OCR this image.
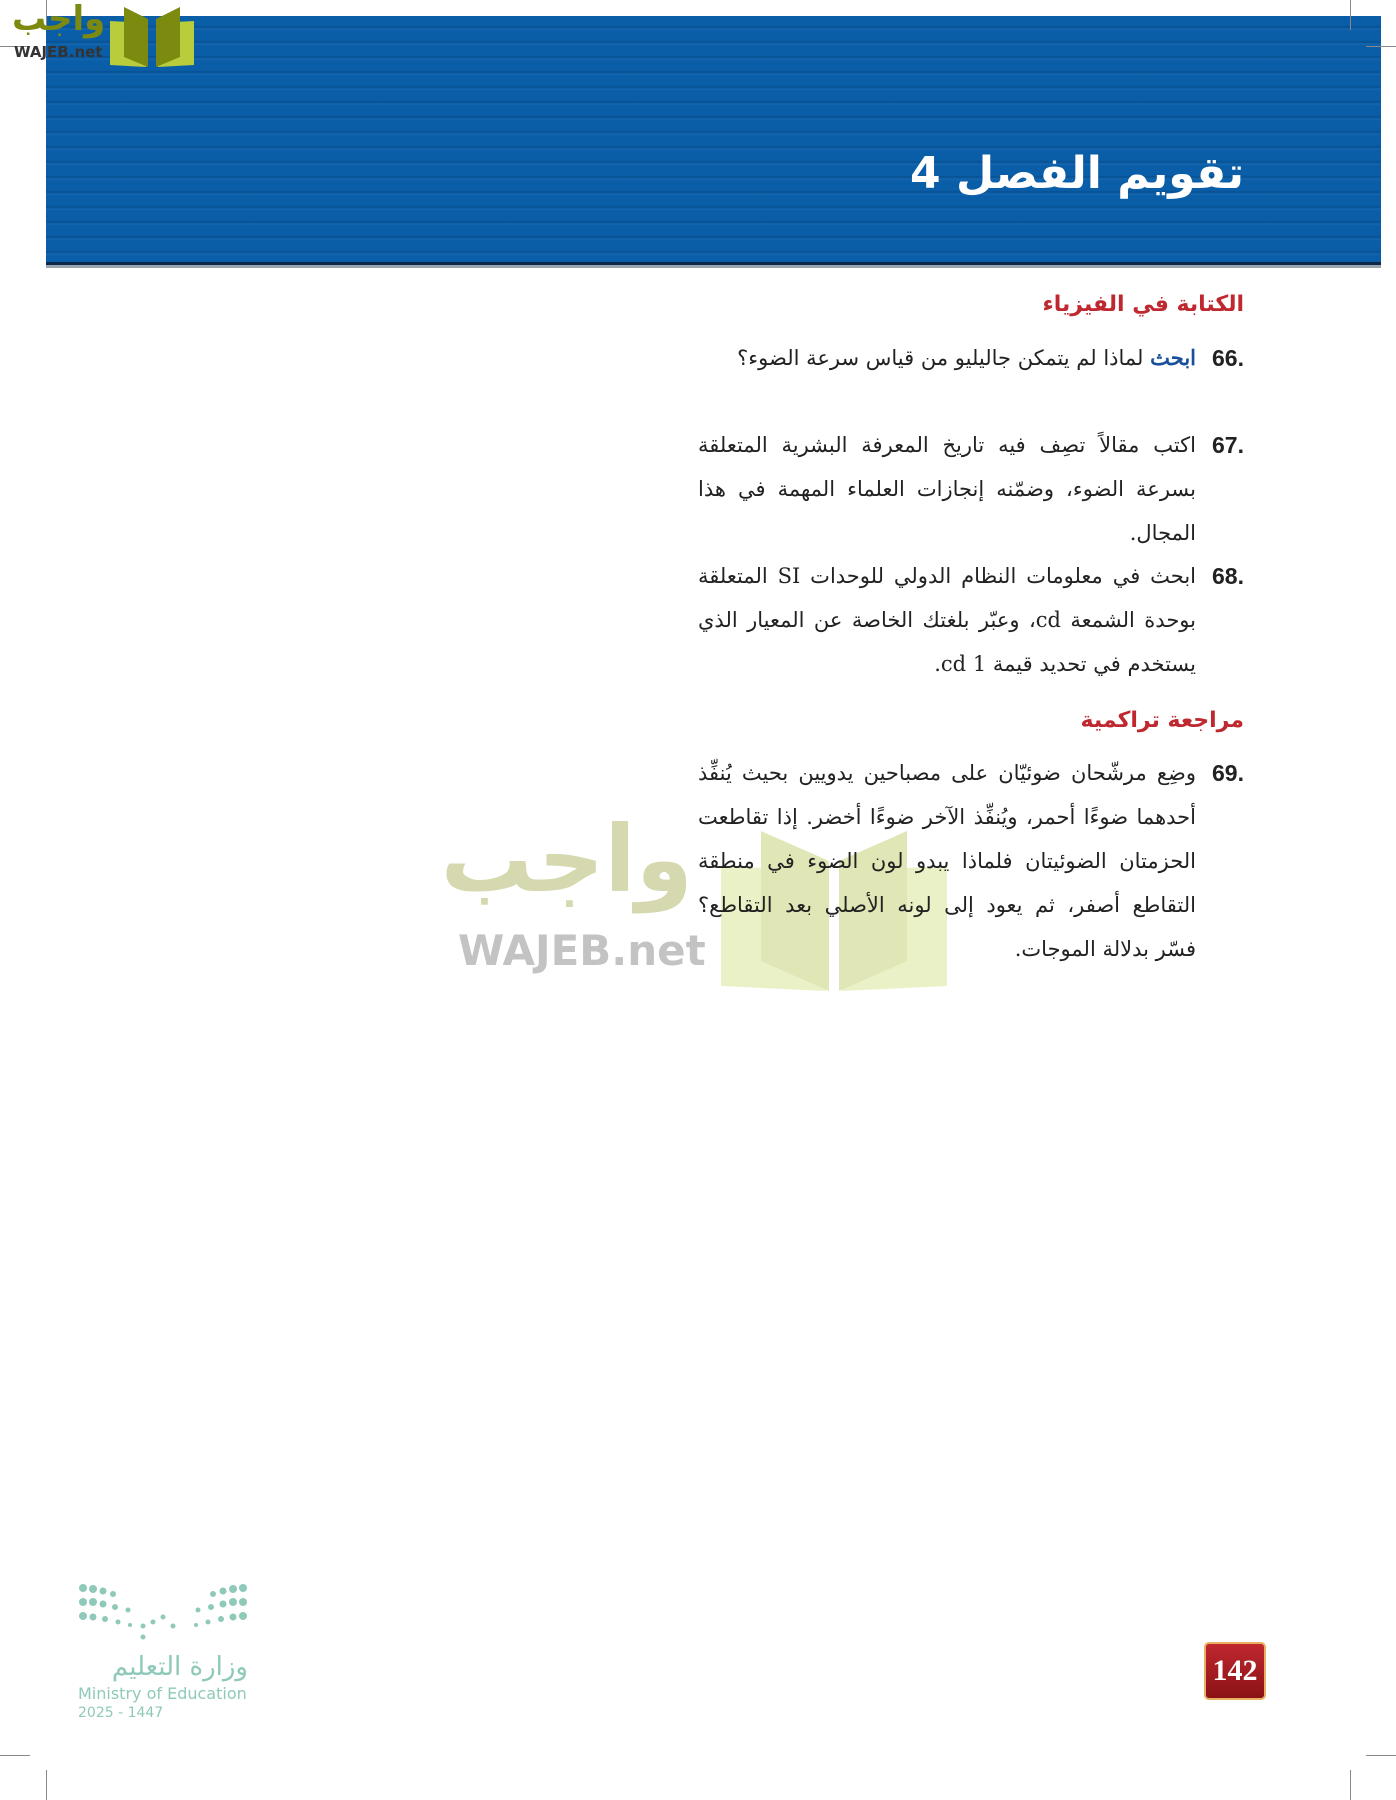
تقويم الفصل 4
واجب
WAJEB.net
واجب
WAJEB.net
الكتابة في الفيزياء
66.
ابحث لماذا لم يتمكن جاليليو من قياس سرعة الضوء؟
67.
اكتب مقالاً تصِف فيه تاريخ المعرفة البشرية المتعلقة بسرعة الضوء، وضمّنه إنجازات العلماء المهمة في هذا المجال.
68.
ابحث في معلومات النظام الدولي للوحدات SI المتعلقة بوحدة الشمعة cd، وعبّر بلغتك الخاصة عن المعيار الذي يستخدم في تحديد قيمة 1 cd.
مراجعة تراكمية
69.
وضِع مرشّحان ضوئيّان على مصباحين يدويين بحيث يُنفِّذ أحدهما ضوءًا أحمر، ويُنفِّذ الآخر ضوءًا أخضر. إذا تقاطعت الحزمتان الضوئيتان فلماذا يبدو لون الضوء في منطقة التقاطع أصفر، ثم يعود إلى لونه الأصلي بعد التقاطع؟ فسّر بدلالة الموجات.
وزارة التعليم
Ministry of Education
2025 - 1447
142
